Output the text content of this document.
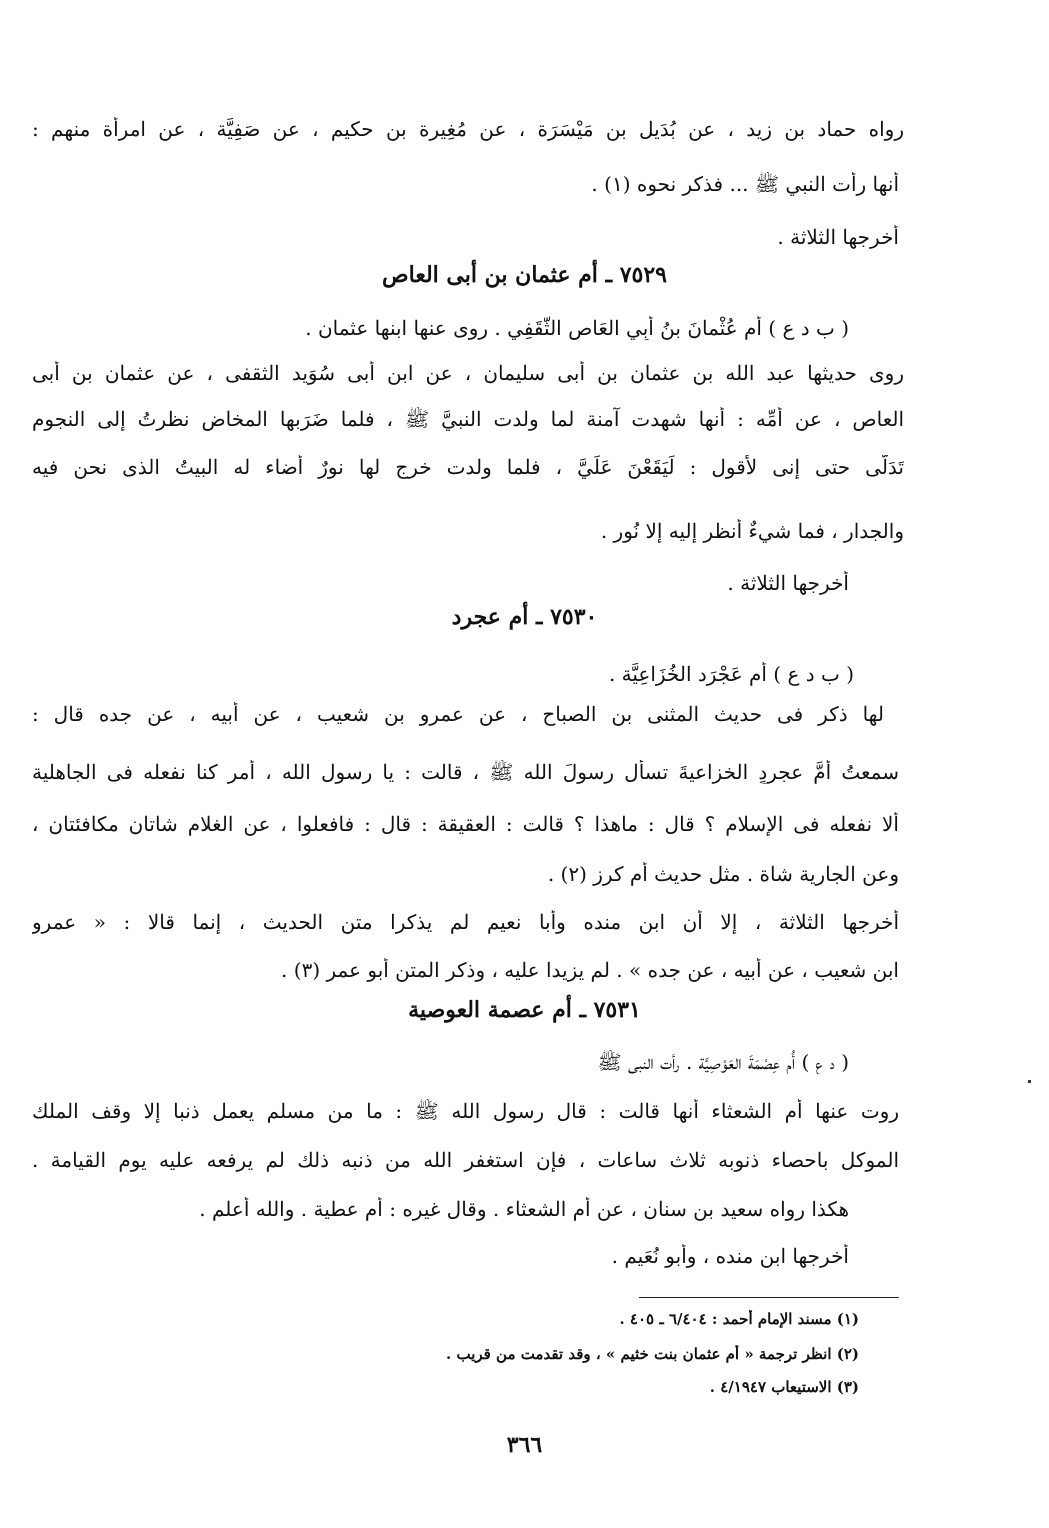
رواه حماد بن زيد ، عن بُدَيل بن مَيْسَرَة ، عن مُغِيرة بن حكيم ، عن صَفِيَّة ، عن امرأة منهم :
أنها رأت النبي ﷺ ... فذكر نحوه (١) .
أخرجها الثلاثة .
٧٥٢٩ ـ أم عثمان بن أبى العاص
( ب د ع ) أُم عُثْمانَ بنُ أَبِي العَاصِ الثَّقَفِي . روى عنها ابنها عثمان .
روى حديثها عبد الله بن عثمان بن أبى سليمان ، عن ابن أبى سُوَيد الثقفى ، عن عثمان بن أبى
العاص ، عن أُمِّه : أنها شهدت آمنة لما ولدت النبيَّ ﷺ ، فلما ضَرَبها المخاض نظرتُ إلى النجوم
تَدَلَّى حتى إنى لأقول : لَيَقَعْنَ عَلَيَّ ، فلما ولدت خرج لها نورٌ أضاء له البيتُ الذى نحن فيه
والجدار ، فما شيءٌ أنظر إليه إلا نُور .
أخرجها الثلاثة .
٧٥٣٠ ـ أم عجرد
( ب د ع ) أُم عَجْرَد الخُزَاعِيَّة .
لها ذكر فى حديث المثنى بن الصباح ، عن عمرو بن شعيب ، عن أبيه ، عن جده قال :
سمعتُ أُمَّ عجردٍ الخزاعيةَ تسأل رسولَ الله ﷺ ، قالت : يا رسول الله ، أمر كنا نفعله فى الجاهلية
ألا نفعله فى الإسلام ؟ قال : ماهذا ؟ قالت : العقيقة : قال : فافعلوا ، عن الغلام شاتان مكافئتان ،
وعن الجارية شاة . مثل حديث أم كرز (٢) .
أخرجها الثلاثة ، إلا أن ابن منده وأبا نعيم لم يذكرا متن الحديث ، إنما قالا : « عمرو
ابن شعيب ، عن أبيه ، عن جده » . لم يزيدا عليه ، وذكر المتن أبو عمر (٣) .
٧٥٣١ ـ أم عصمة العوصية
( د ع ) أُم عِصْمَةَ العَوْصِيَّة . رأت النبي ﷺ
روت عنها أم الشعثاء أنها قالت : قال رسول الله ﷺ : ما من مسلم يعمل ذنبا إلا وقف الملك
الموكل باحصاء ذنوبه ثلاث ساعات ، فإن استغفر الله من ذنبه ذلك لم يرفعه عليه يوم القيامة .
هكذا رواه سعيد بن سنان ، عن أم الشعثاء . وقال غيره : أم عطية . والله أعلم .
أخرجها ابن منده ، وأبو نُعَيم .
(١) مسند الإمام أحمد : ٦/٤٠٤ ـ ٤٠٥ .
(٢) انظر ترجمة « أم عثمان بنت خثيم » ، وقد تقدمت من قريب .
(٣) الاستيعاب ٤/١٩٤٧ .
٣٦٦
